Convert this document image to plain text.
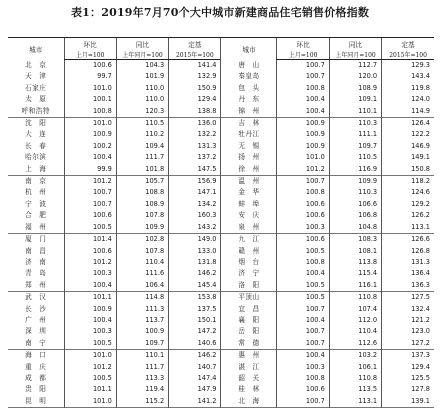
表1：2019年7月70个大中城市新建商品住宅销售价格指数
城市	环比	同比	定基	城市	环比	同比	定基
	上月=100	上年同月=100	2015年=100		上月=100	上年同月=100	2015年=100
北　京	100.6	104.3	141.4	唐　山	100.7	112.7	129.3
天　津	99.7	101.9	132.9	秦皇岛	100.7	120.0	143.4
石家庄	101.0	110.0	150.9	包　头	100.8	108.9	119.8
太　原	100.1	110.0	129.4	丹　东	100.4	109.1	124.0
呼和浩特	100.8	120.3	138.8	锦　州	100.4	110.1	114.9
沈　阳	101.0	110.5	136.0	吉　林	100.9	110.3	126.4
大　连	100.9	110.2	132.2	牡丹江	100.9	111.1	122.2
长　春	100.2	109.4	131.3	无　锡	100.9	109.7	146.9
哈尔滨	100.4	111.7	137.2	扬　州	101.0	110.5	149.1
上　海	99.9	101.8	147.5	徐　州	101.2	116.9	150.8
南　京	101.2	105.7	156.9	温　州	100.7	109.9	118.2
杭　州	100.7	108.8	147.1	金　华	100.8	110.3	124.6
宁　波	100.7	108.9	134.2	蚌　埠	100.6	106.6	129.2
合　肥	100.6	107.8	160.3	安　庆	100.6	106.8	126.2
福　州	100.5	109.9	143.2	泉　州	100.3	104.8	113.1
厦　门	101.4	102.8	149.0	九　江	100.6	108.3	126.6
南　昌	100.6	107.8	133.0	赣　州	100.5	108.1	126.8
济　南	101.2	110.4	131.8	烟　台	100.8	113.8	131.3
青　岛	100.3	111.6	146.2	济　宁	100.4	115.4	136.4
郑　州	100.4	106.4	145.4	洛　阳	100.5	116.1	136.3
武　汉	101.1	114.8	153.8	平顶山	100.5	110.8	127.5
长　沙	100.9	111.3	137.5	宜　昌	100.7	107.4	132.4
广　州	100.4	113.7	150.1	襄　阳	100.4	112.0	121.2
深　圳	100.3	100.9	147.2	岳　阳	100.7	110.4	123.0
南　宁	100.5	109.7	140.6	常　德	100.7	112.6	127.2
海　口	101.0	110.1	146.2	惠　州	100.4	103.2	137.3
重　庆	101.2	111.7	140.7	湛　江	100.3	106.1	129.4
成　都	100.5	113.3	147.4	韶　关	100.8	110.8	125.5
贵　阳	101.1	119.4	147.9	桂　林	100.6	113.5	127.8
昆　明	101.0	115.2	141.2	北　海	100.7	113.1	139.1
